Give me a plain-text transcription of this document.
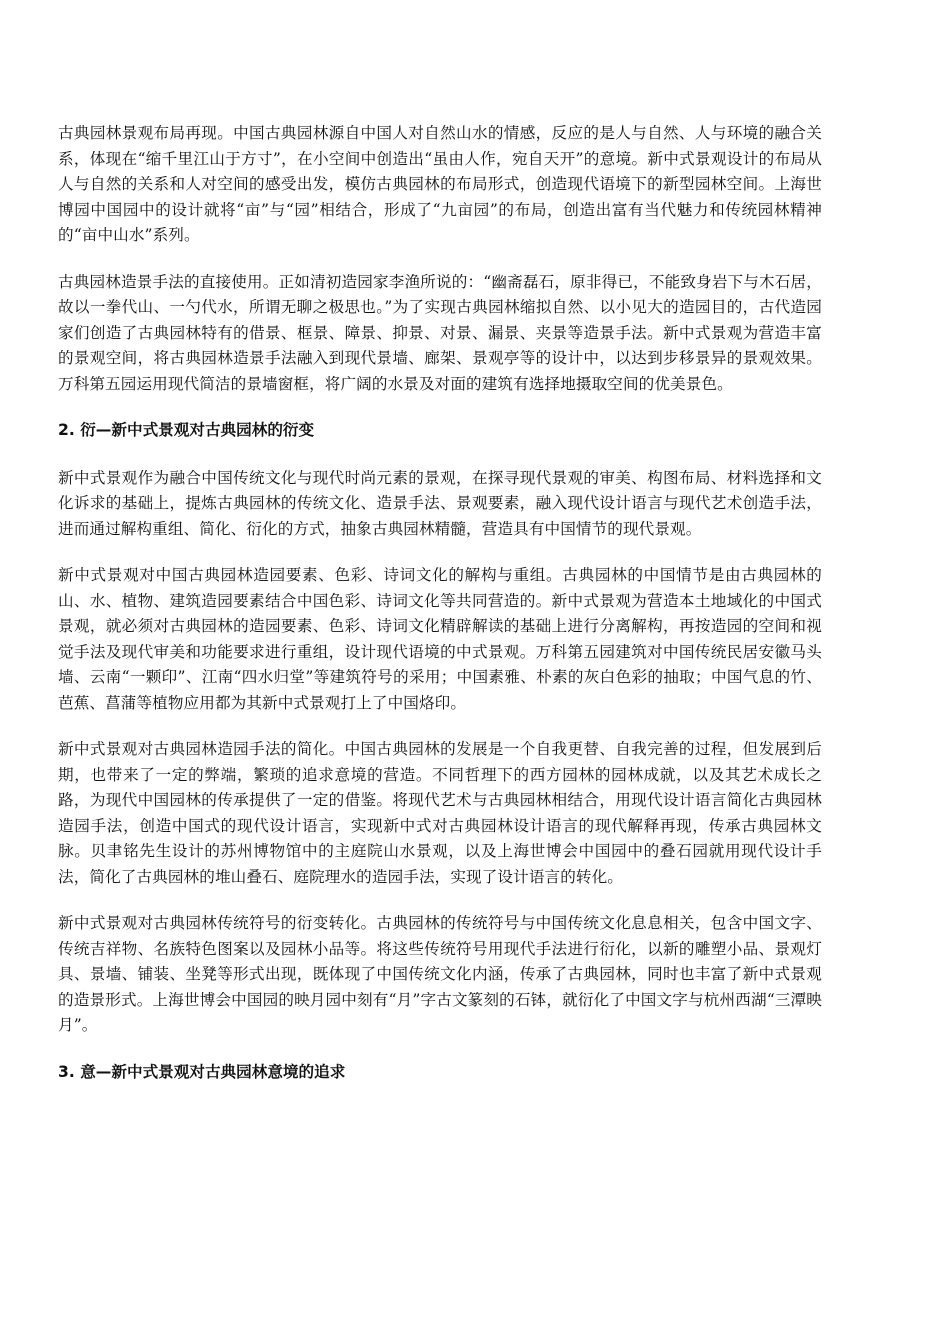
古典园林景观布局再现。中国古典园林源自中国人对自然山水的情感，反应的是人与自然、人与环境的融合关系，体现在“缩千里江山于方寸”，在小空间中创造出“虽由人作，宛自天开”的意境。新中式景观设计的布局从人与自然的关系和人对空间的感受出发，模仿古典园林的布局形式，创造现代语境下的新型园林空间。上海世博园中国园中的设计就将“亩”与“园”相结合，形成了“九亩园”的布局，创造出富有当代魅力和传统园林精神的“亩中山水”系列。

古典园林造景手法的直接使用。正如清初造园家李渔所说的：“幽斋磊石，原非得已，不能致身岩下与木石居，故以一拳代山、一勺代水，所谓无聊之极思也。”为了实现古典园林缩拟自然、以小见大的造园目的，古代造园家们创造了古典园林特有的借景、框景、障景、抑景、对景、漏景、夹景等造景手法。新中式景观为营造丰富的景观空间，将古典园林造景手法融入到现代景墙、廊架、景观亭等的设计中，以达到步移景异的景观效果。万科第五园运用现代简洁的景墙窗框，将广阔的水景及对面的建筑有选择地摄取空间的优美景色。

2. 衍—新中式景观对古典园林的衍变

新中式景观作为融合中国传统文化与现代时尚元素的景观，在探寻现代景观的审美、构图布局、材料选择和文化诉求的基础上，提炼古典园林的传统文化、造景手法、景观要素，融入现代设计语言与现代艺术创造手法，进而通过解构重组、简化、衍化的方式，抽象古典园林精髓，营造具有中国情节的现代景观。

新中式景观对中国古典园林造园要素、色彩、诗词文化的解构与重组。古典园林的中国情节是由古典园林的山、水、植物、建筑造园要素结合中国色彩、诗词文化等共同营造的。新中式景观为营造本土地域化的中国式景观，就必须对古典园林的造园要素、色彩、诗词文化精辟解读的基础上进行分离解构，再按造园的空间和视觉手法及现代审美和功能要求进行重组，设计现代语境的中式景观。万科第五园建筑对中国传统民居安徽马头墙、云南“一颗印”、江南“四水归堂”等建筑符号的采用；中国素雅、朴素的灰白色彩的抽取；中国气息的竹、芭蕉、菖蒲等植物应用都为其新中式景观打上了中国烙印。

新中式景观对古典园林造园手法的简化。中国古典园林的发展是一个自我更替、自我完善的过程，但发展到后期，也带来了一定的弊端，繁琐的追求意境的营造。不同哲理下的西方园林的园林成就，以及其艺术成长之路，为现代中国园林的传承提供了一定的借鉴。将现代艺术与古典园林相结合，用现代设计语言简化古典园林造园手法，创造中国式的现代设计语言，实现新中式对古典园林设计语言的现代解释再现，传承古典园林文脉。贝聿铭先生设计的苏州博物馆中的主庭院山水景观，以及上海世博会中国园中的叠石园就用现代设计手法，简化了古典园林的堆山叠石、庭院理水的造园手法，实现了设计语言的转化。

新中式景观对古典园林传统符号的衍变转化。古典园林的传统符号与中国传统文化息息相关，包含中国文字、传统吉祥物、名族特色图案以及园林小品等。将这些传统符号用现代手法进行衍化，以新的雕塑小品、景观灯具、景墙、铺装、坐凳等形式出现，既体现了中国传统文化内涵，传承了古典园林，同时也丰富了新中式景观的造景形式。上海世博会中国园的映月园中刻有“月”字古文篆刻的石钵，就衍化了中国文字与杭州西湖“三潭映月”。

3. 意—新中式景观对古典园林意境的追求
